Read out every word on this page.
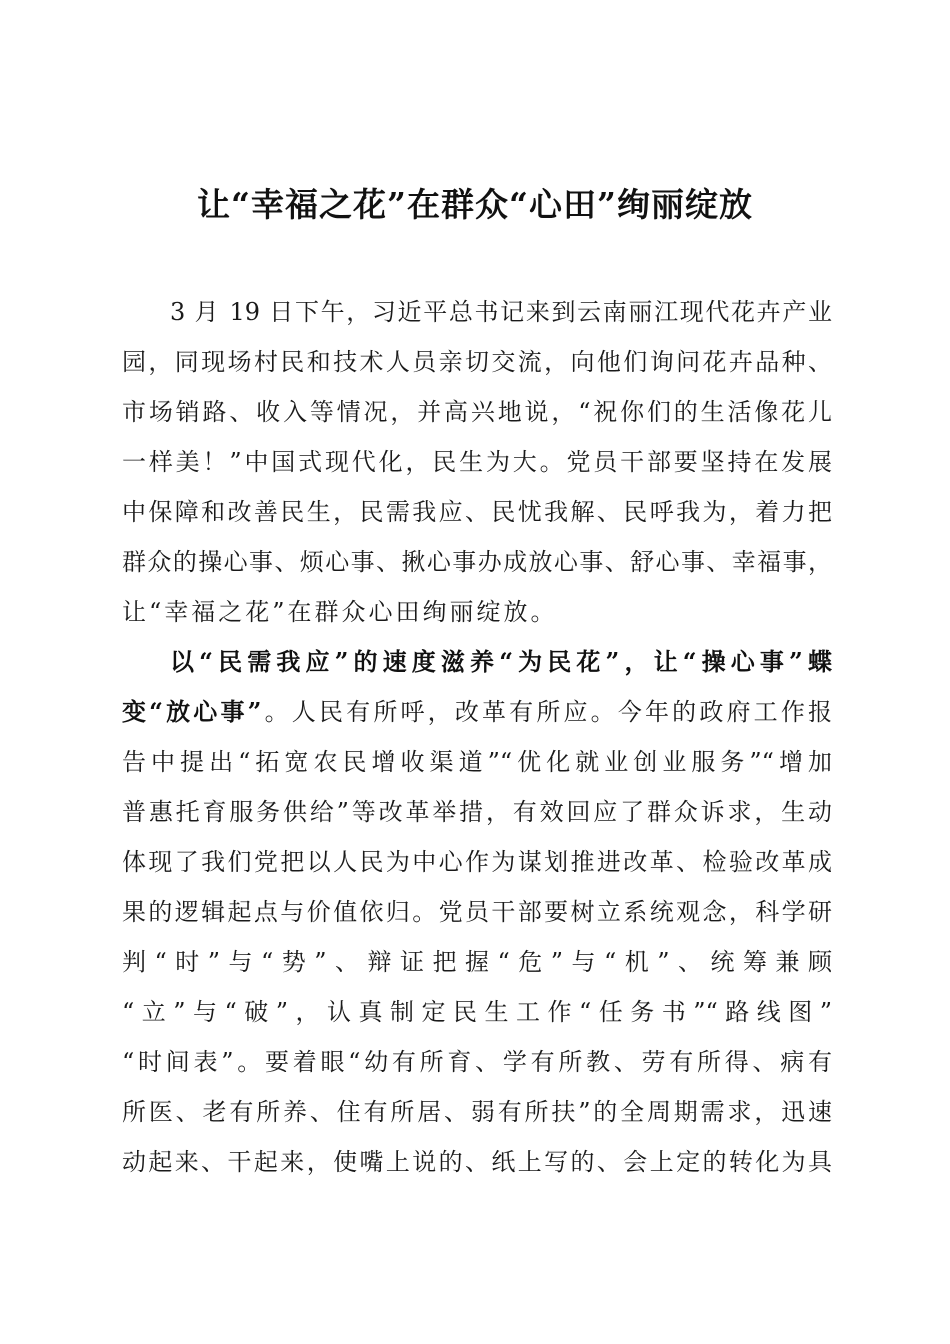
让“幸福之花”在群众“心田”绚丽绽放
3 月 19 日下午，习近平总书记来到云南丽江现代花卉产业
园，同现场村民和技术人员亲切交流，向他们询问花卉品种、
市场销路、收入等情况，并高兴地说，“祝你们的生活像花儿
一样美！”中国式现代化，民生为大。党员干部要坚持在发展
中保障和改善民生，民需我应、民忧我解、民呼我为，着力把
群众的操心事、烦心事、揪心事办成放心事、舒心事、幸福事，
让“幸福之花”在群众心田绚丽绽放。
以“民需我应”的速度滋养“为民花”，让“操心事”蝶
变“放心事”。人民有所呼，改革有所应。今年的政府工作报
告中提出“拓宽农民增收渠道”“优化就业创业服务”“增加
普惠托育服务供给”等改革举措，有效回应了群众诉求，生动
体现了我们党把以人民为中心作为谋划推进改革、检验改革成
果的逻辑起点与价值依归。党员干部要树立系统观念，科学研
判“时”与“势”、辩证把握“危”与“机”、统筹兼顾
“立”与“破”，认真制定民生工作“任务书”“路线图”
“时间表”。要着眼“幼有所育、学有所教、劳有所得、病有
所医、老有所养、住有所居、弱有所扶”的全周期需求，迅速
动起来、干起来，使嘴上说的、纸上写的、会上定的转化为具
